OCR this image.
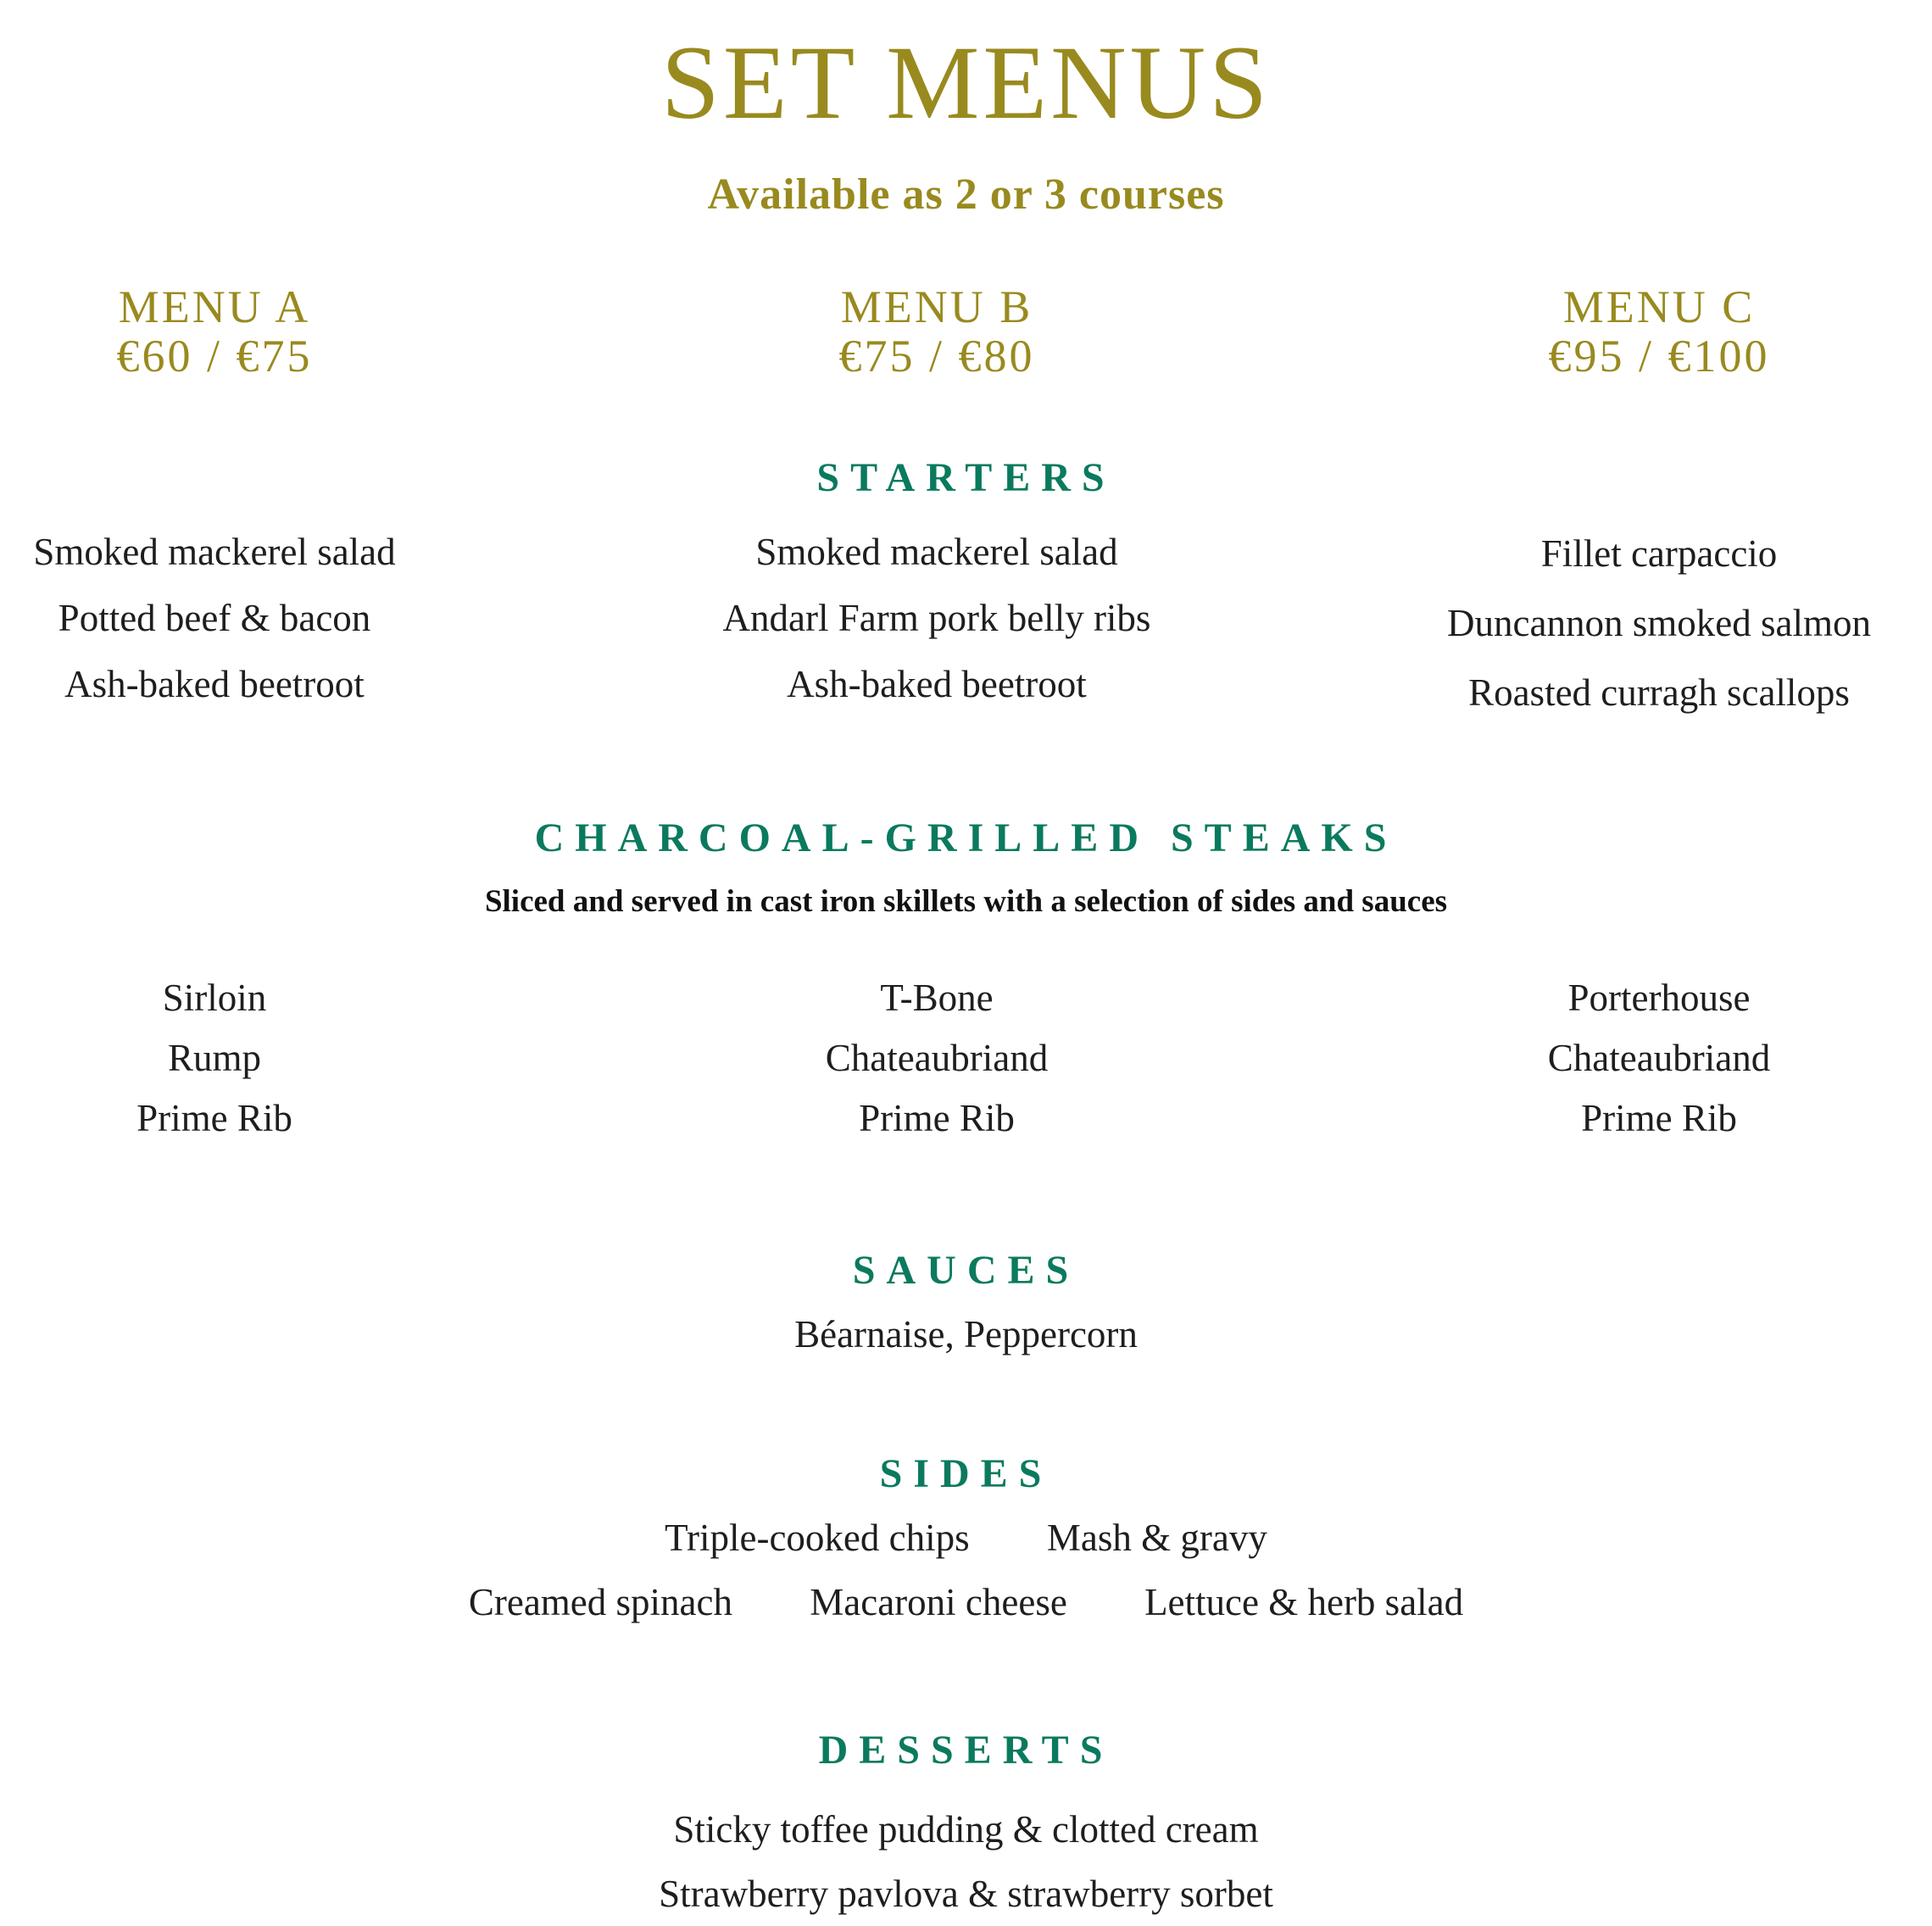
SET MENUS
Available as 2 or 3 courses
MENU A
€60 / €75
MENU B
€75 / €80
MENU C
€95 / €100
STARTERS
Smoked mackerel salad
Potted beef & bacon
Ash-baked beetroot
Smoked mackerel salad
Andarl Farm pork belly ribs
Ash-baked beetroot
Fillet carpaccio
Duncannon smoked salmon
Roasted curragh scallops
CHARCOAL-GRILLED STEAKS
Sliced and served in cast iron skillets with a selection of sides and sauces
Sirloin
Rump
Prime Rib
T-Bone
Chateaubriand
Prime Rib
Porterhouse
Chateaubriand
Prime Rib
SAUCES
Béarnaise, Peppercorn
SIDES
Triple-cooked chips Mash & gravy
Creamed spinach Macaroni cheese Lettuce & herb salad
DESSERTS
Sticky toffee pudding & clotted cream
Strawberry pavlova & strawberry sorbet
